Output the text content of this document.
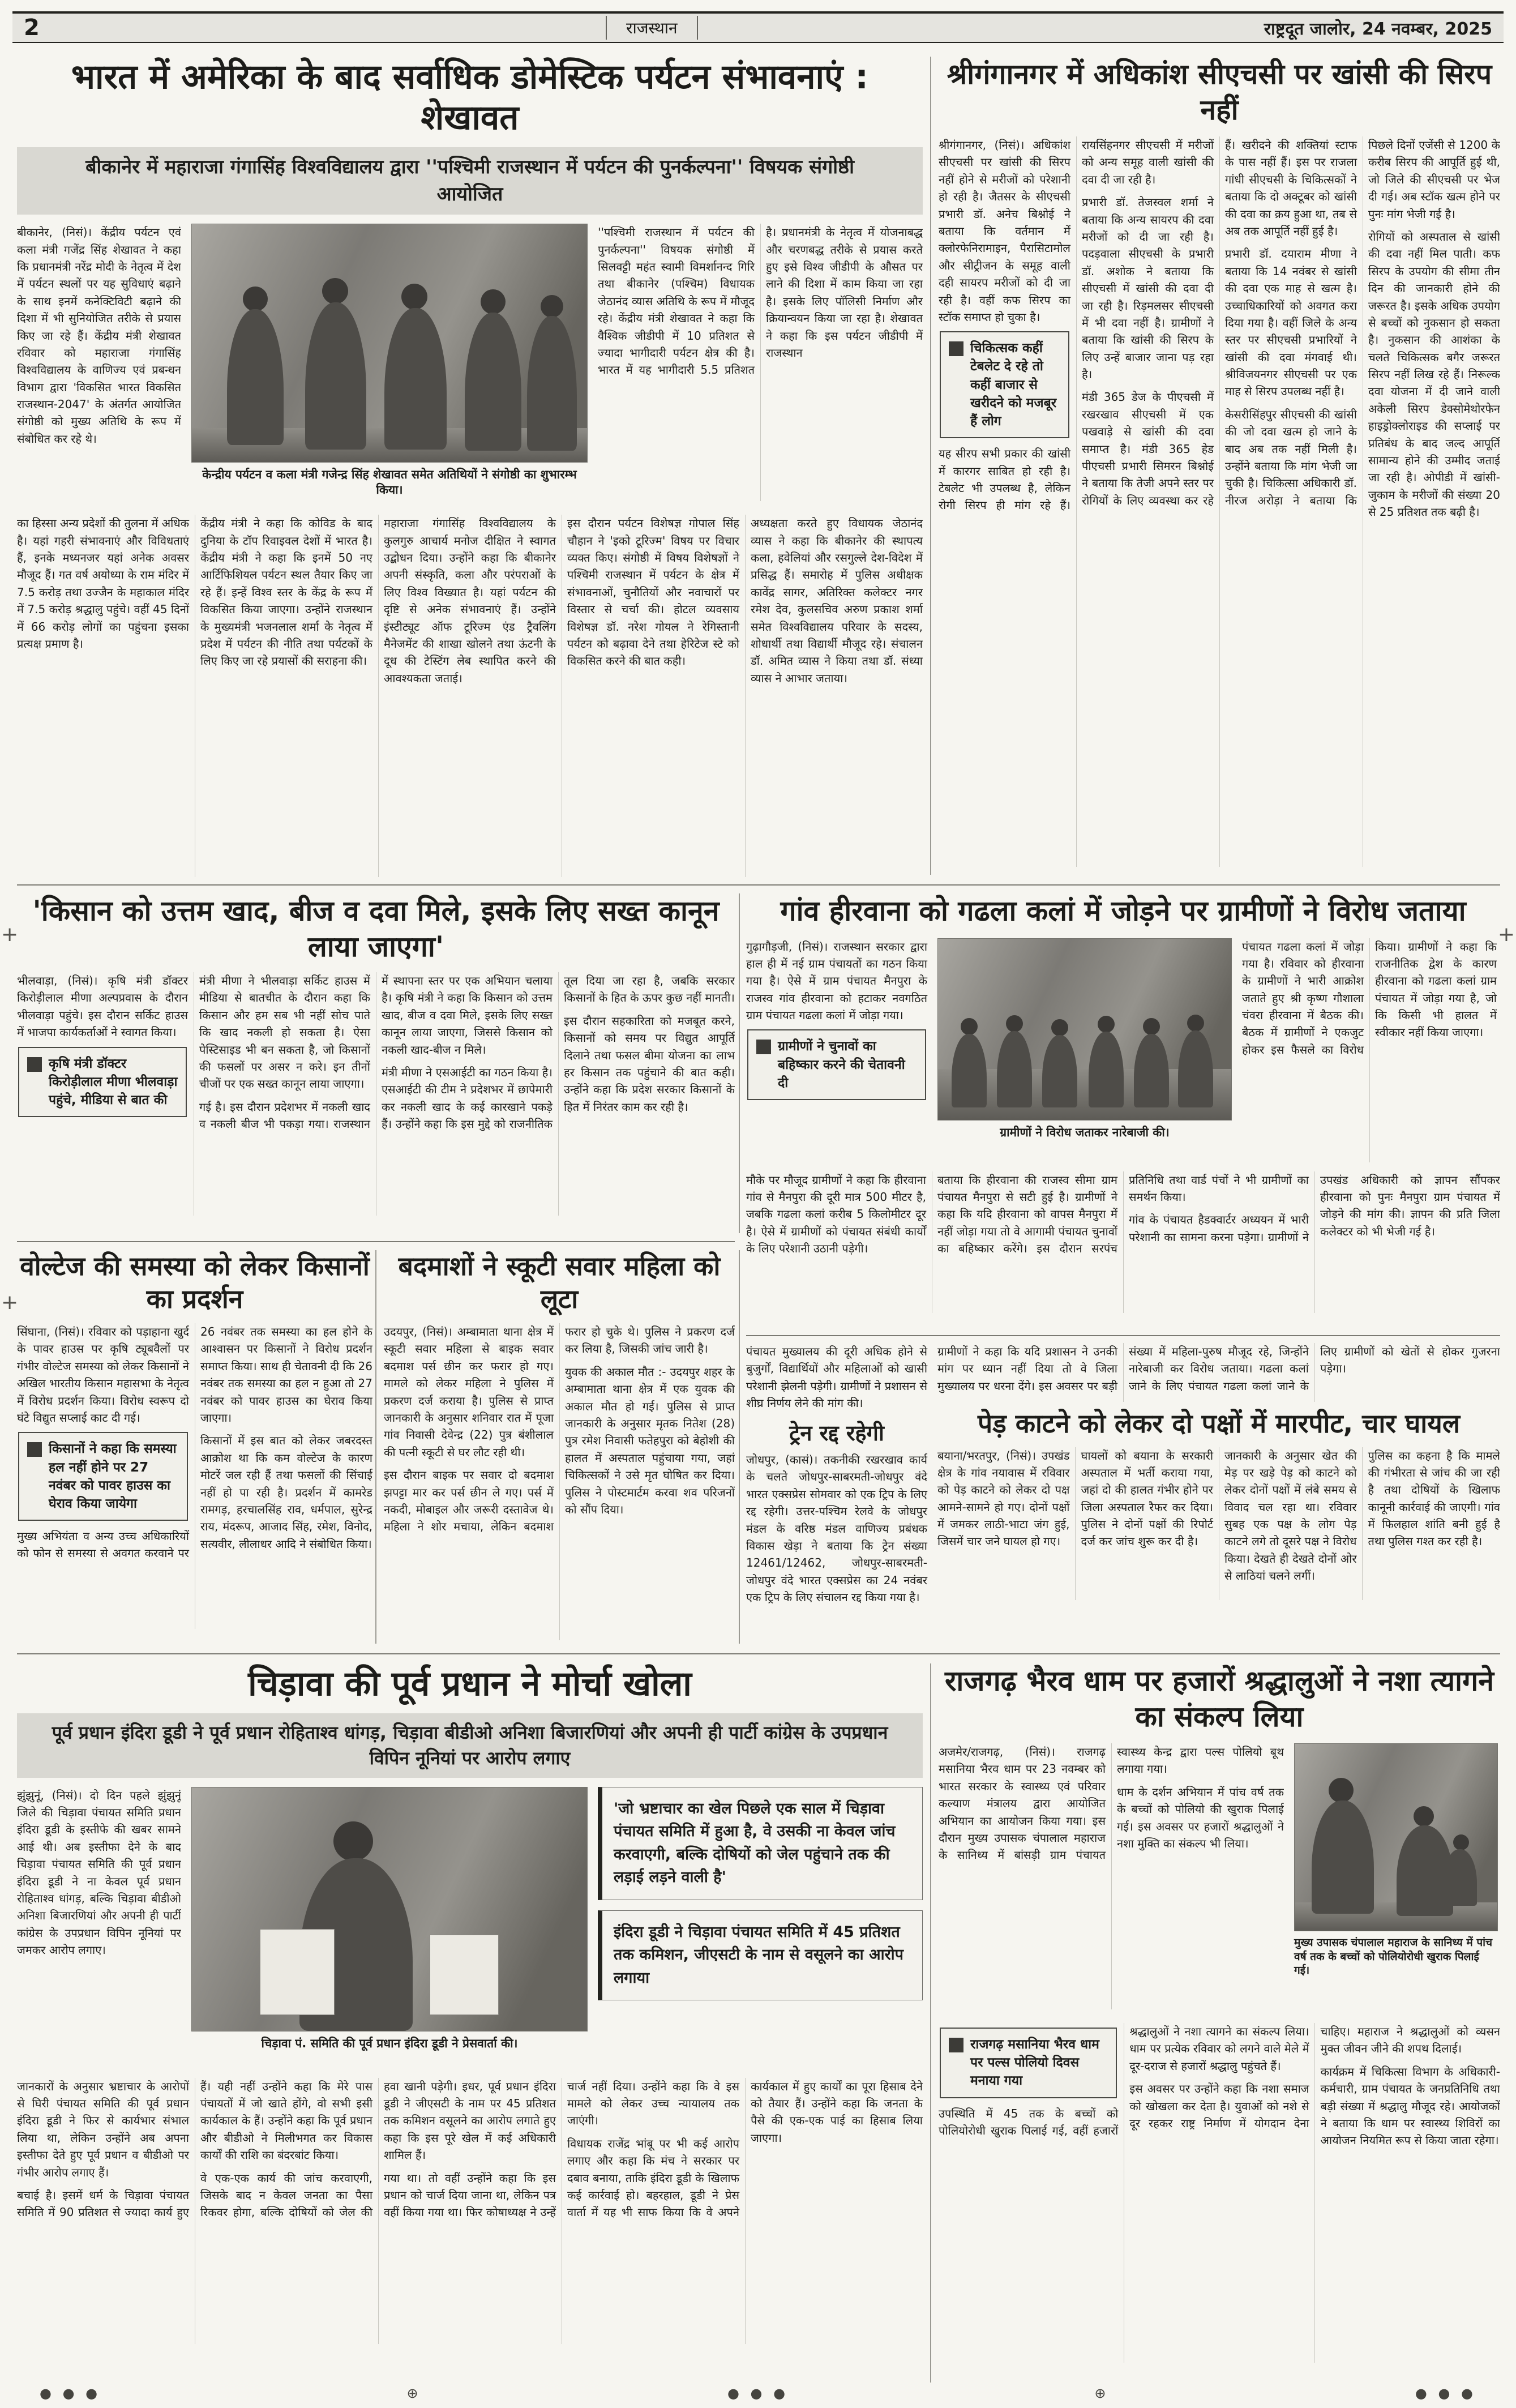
2	राजस्थान	राष्ट्रदूत जालोर, 24 नवम्बर, 2025
+
+
+
भारत में अमेरिका के बाद सर्वाधिक डोमेस्टिक पर्यटन संभावनाएं : शेखावत
बीकानेर में महाराजा गंगासिंह विश्वविद्यालय द्वारा ''पश्चिमी राजस्थान में पर्यटन की पुनर्कल्पना'' विषयक संगोष्ठी आयोजित

बीकानेर, (निसं)। केंद्रीय पर्यटन एवं कला मंत्री गजेंद्र सिंह शेखावत ने कहा कि प्रधानमंत्री नरेंद्र मोदी के नेतृत्व में देश में पर्यटन स्थलों पर यह सुविधाएं बढ़ाने के साथ इनमें कनेक्टिविटी बढ़ाने की दिशा में भी सुनियोजित तरीके से प्रयास किए जा रहे हैं। केंद्रीय मंत्री शेखावत रविवार को महाराजा गंगासिंह विश्वविद्यालय के वाणिज्य एवं प्रबन्धन विभाग द्वारा 'विकसित भारत विकसित राजस्थान-2047' के अंतर्गत आयोजित संगोष्ठी को मुख्य अतिथि के रूप में संबोधित कर रहे थे।

केन्द्रीय पर्यटन व कला मंत्री गजेन्द्र सिंह शेखावत समेत अतिथियों ने संगोष्ठी का शुभारम्भ किया।

''पश्चिमी राजस्थान में पर्यटन की पुनर्कल्पना'' विषयक संगोष्ठी में सिलवट्टी महंत स्वामी विमर्शानन्द गिरि तथा बीकानेर (पश्चिम) विधायक जेठानंद व्यास अतिथि के रूप में मौजूद रहे। केंद्रीय मंत्री शेखावत ने कहा कि वैश्विक जीडीपी में 10 प्रतिशत से ज्यादा भागीदारी पर्यटन क्षेत्र की है। भारत में यह भागीदारी 5.5 प्रतिशत है। प्रधानमंत्री के नेतृत्व में योजनाबद्ध और चरणबद्ध तरीके से प्रयास करते हुए इसे विश्व जीडीपी के औसत पर लाने की दिशा में काम किया जा रहा है। इसके लिए पॉलिसी निर्माण और क्रियान्वयन किया जा रहा है। शेखावत ने कहा कि इस पर्यटन जीडीपी में राजस्थान

का हिस्सा अन्य प्रदेशों की तुलना में अधिक है। यहां गहरी संभावनाएं और विविधताएं हैं, इनके मध्यनजर यहां अनेक अवसर मौजूद हैं। गत वर्ष अयोध्या के राम मंदिर में 7.5 करोड़ तथा उज्जैन के महाकाल मंदिर में 7.5 करोड़ श्रद्धालु पहुंचे। वहीं 45 दिनों में 66 करोड़ लोगों का पहुंचना इसका प्रत्यक्ष प्रमाण है।

केंद्रीय मंत्री ने कहा कि कोविड के बाद दुनिया के टॉप रिवाइवल देशों में भारत है। केंद्रीय मंत्री ने कहा कि इनमें 50 नए आर्टिफिशियल पर्यटन स्थल तैयार किए जा रहे हैं। इन्हें विश्व स्तर के केंद्र के रूप में विकसित किया जाएगा। उन्होंने राजस्थान के मुख्यमंत्री भजनलाल शर्मा के नेतृत्व में प्रदेश में पर्यटन की नीति तथा पर्यटकों के लिए किए जा रहे प्रयासों की सराहना की।

महाराजा गंगासिंह विश्वविद्यालय के कुलगुरु आचार्य मनोज दीक्षित ने स्वागत उद्बोधन दिया। उन्होंने कहा कि बीकानेर अपनी संस्कृति, कला और परंपराओं के लिए विश्व विख्यात है। यहां पर्यटन की दृष्टि से अनेक संभावनाएं हैं। उन्होंने इंस्टीट्यूट ऑफ टूरिज्म एंड ट्रैवलिंग मैनेजमेंट की शाखा खोलने तथा ऊंटनी के दूध की टेस्टिंग लेब स्थापित करने की आवश्यकता जताई।

इस दौरान पर्यटन विशेषज्ञ गोपाल सिंह चौहान ने 'इको टूरिज्म' विषय पर विचार व्यक्त किए। संगोष्ठी में विषय विशेषज्ञों ने पश्चिमी राजस्थान में पर्यटन के क्षेत्र में संभावनाओं, चुनौतियों और नवाचारों पर विस्तार से चर्चा की। होटल व्यवसाय विशेषज्ञ डॉ. नरेश गोयल ने रेगिस्तानी पर्यटन को बढ़ावा देने तथा हेरिटेज स्टे को विकसित करने की बात कही।

अध्यक्षता करते हुए विधायक जेठानंद व्यास ने कहा कि बीकानेर की स्थापत्य कला, हवेलियां और रसगुल्ले देश-विदेश में प्रसिद्ध हैं। समारोह में पुलिस अधीक्षक कावेंद्र सागर, अतिरिक्त कलेक्टर नगर रमेश देव, कुलसचिव अरुण प्रकाश शर्मा समेत विश्वविद्यालय परिवार के सदस्य, शोधार्थी तथा विद्यार्थी मौजूद रहे। संचालन डॉ. अमित व्यास ने किया तथा डॉ. संध्या व्यास ने आभार जताया।

श्रीगंगानगर में अधिकांश सीएचसी पर खांसी की सिरप नहीं

श्रीगंगानगर, (निसं)। अधिकांश सीएचसी पर खांसी की सिरप नहीं होने से मरीजों को परेशानी हो रही है। जैतसर के सीएचसी प्रभारी डॉ. अनेच बिश्नोई ने बताया कि वर्तमान में क्लोरफेनिरामाइन, पैरासिटामोल और सीट्रीजन के समूह वाली दही सायरप मरीजों को दी जा रही है। वहीं कफ सिरप का स्टॉक समाप्त हो चुका है।

चिकित्सक कहीं टेबलेट दे रहे तो कहीं बाजार से खरीदने को मजबूर हैं लोग

यह सीरप सभी प्रकार की खांसी में कारगर साबित हो रही है। टेबलेट भी उपलब्ध है, लेकिन रोगी सिरप ही मांग रहे हैं। रायसिंहनगर सीएचसी में मरीजों को अन्य समूह वाली खांसी की दवा दी जा रही है।

प्रभारी डॉ. तेजस्वल शर्मा ने बताया कि अन्य सायरप की दवा मरीजों को दी जा रही है। पदड़वाला सीएचसी के प्रभारी डॉ. अशोक ने बताया कि सीएचसी में खांसी की दवा दी जा रही है। रिड़मलसर सीएचसी में भी दवा नहीं है। ग्रामीणों ने बताया कि खांसी की सिरप के लिए उन्हें बाजार जाना पड़ रहा है।

मंडी 365 डेज के पीएचसी में रखरखाव सीएचसी में एक पखवाड़े से खांसी की दवा समाप्त है। मंडी 365 हेड पीएचसी प्रभारी सिमरन बिश्नोई ने बताया कि तेजी अपने स्तर पर रोगियों के लिए व्यवस्था कर रहे हैं। खरीदने की शक्तियां स्टाफ के पास नहीं हैं। इस पर राजला गांधी सीएचसी के चिकित्सकों ने बताया कि दो अक्टूबर को खांसी की दवा का क्रय हुआ था, तब से अब तक आपूर्ति नहीं हुई है।

प्रभारी डॉ. दयाराम मीणा ने बताया कि 14 नवंबर से खांसी की दवा एक माह से खत्म है। उच्चाधिकारियों को अवगत करा दिया गया है। वहीं जिले के अन्य स्तर पर सीएचसी प्रभारियों ने खांसी की दवा मंगवाई थी। श्रीविजयनगर सीएचसी पर एक माह से सिरप उपलब्ध नहीं है।

केसरीसिंहपुर सीएचसी की खांसी की जो दवा खत्म हो जाने के बाद अब तक नहीं मिली है। उन्होंने बताया कि मांग भेजी जा चुकी है। चिकित्सा अधिकारी डॉ. नीरज अरोड़ा ने बताया कि पिछले दिनों एजेंसी से 1200 के करीब सिरप की आपूर्ति हुई थी, जो जिले की सीएचसी पर भेज दी गई। अब स्टॉक खत्म होने पर पुनः मांग भेजी गई है।

रोगियों को अस्पताल से खांसी की दवा नहीं मिल पाती। कफ सिरप के उपयोग की सीमा तीन दिन की जानकारी होने की जरूरत है। इसके अधिक उपयोग से बच्चों को नुकसान हो सकता है। नुकसान की आशंका के चलते चिकित्सक बगैर जरूरत सिरप नहीं लिख रहे हैं। निरूल्क दवा योजना में दी जाने वाली अकेली सिरप डेक्सोमेथोरफेन हाइड्रोक्लोराइड की सप्लाई पर प्रतिबंध के बाद जल्द आपूर्ति सामान्य होने की उम्मीद जताई जा रही है। ओपीडी में खांसी-जुकाम के मरीजों की संख्या 20 से 25 प्रतिशत तक बढ़ी है।

'किसान को उत्तम खाद, बीज व दवा मिले, इसके लिए सख्त कानून लाया जाएगा'

भीलवाड़ा, (निसं)। कृषि मंत्री डॉक्टर किरोड़ीलाल मीणा अल्पप्रवास के दौरान भीलवाड़ा पहुंचे। इस दौरान सर्किट हाउस में भाजपा कार्यकर्ताओं ने स्वागत किया।

कृषि मंत्री डॉक्टर किरोड़ीलाल मीणा भीलवाड़ा पहुंचे, मीडिया से बात की

मंत्री मीणा ने भीलवाड़ा सर्किट हाउस में मीडिया से बातचीत के दौरान कहा कि किसान और हम सब भी नहीं सोच पाते कि खाद नकली हो सकता है। ऐसा पेस्टिसाइड भी बन सकता है, जो किसानों की फसलों पर असर न करे। इन तीनों चीजों पर एक सख्त कानून लाया जाएगा।

गई है। इस दौरान प्रदेशभर में नकली खाद व नकली बीज भी पकड़ा गया। राजस्थान में स्थापना स्तर पर एक अभियान चलाया है। कृषि मंत्री ने कहा कि किसान को उत्तम खाद, बीज व दवा मिले, इसके लिए सख्त कानून लाया जाएगा, जिससे किसान को नकली खाद-बीज न मिले।

मंत्री मीणा ने एसआईटी का गठन किया है। एसआईटी की टीम ने प्रदेशभर में छापेमारी कर नकली खाद के कई कारखाने पकड़े हैं। उन्होंने कहा कि इस मुद्दे को राजनीतिक तूल दिया जा रहा है, जबकि सरकार किसानों के हित के ऊपर कुछ नहीं मानती।

इस दौरान सहकारिता को मजबूत करने, किसानों को समय पर विद्युत आपूर्ति दिलाने तथा फसल बीमा योजना का लाभ हर किसान तक पहुंचाने की बात कही। उन्होंने कहा कि प्रदेश सरकार किसानों के हित में निरंतर काम कर रही है।

गांव हीरवाना को गढला कलां में जोड़ने पर ग्रामीणों ने विरोध जताया

गुढ़ागौड़जी, (निसं)। राजस्थान सरकार द्वारा हाल ही में नई ग्राम पंचायतों का गठन किया गया है। ऐसे में ग्राम पंचायत मैनपुरा के राजस्व गांव हीरवाना को हटाकर नवगठित ग्राम पंचायत गढला कलां में जोड़ा गया।

ग्रामीणों ने चुनावों का बहिष्कार करने की चेतावनी दी
ग्रामीणों ने विरोध जताकर नारेबाजी की।

पंचायत गढला कलां में जोड़ा गया है। रविवार को हीरवाना के ग्रामीणों ने भारी आक्रोश जताते हुए श्री कृष्ण गौशाला चंवरा हीरवाना में बैठक की। बैठक में ग्रामीणों ने एकजुट होकर इस फैसले का विरोध किया। ग्रामीणों ने कहा कि राजनीतिक द्वेश के कारण हीरवाना को गढला कलां ग्राम पंचायत में जोड़ा गया है, जो कि किसी भी हालत में स्वीकार नहीं किया जाएगा।

मौके पर मौजूद ग्रामीणों ने कहा कि हीरवाना गांव से मैनपुरा की दूरी मात्र 500 मीटर है, जबकि गढला कलां करीब 5 किलोमीटर दूर है। ऐसे में ग्रामीणों को पंचायत संबंधी कार्यों के लिए परेशानी उठानी पड़ेगी।

बताया कि हीरवाना की राजस्व सीमा ग्राम पंचायत मैनपुरा से सटी हुई है। ग्रामीणों ने कहा कि यदि हीरवाना को वापस मैनपुरा में नहीं जोड़ा गया तो वे आगामी पंचायत चुनावों का बहिष्कार करेंगे। इस दौरान सरपंच प्रतिनिधि तथा वार्ड पंचों ने भी ग्रामीणों का समर्थन किया।

गांव के पंचायत हैडक्वार्टर अध्ययन में भारी परेशानी का सामना करना पड़ेगा। ग्रामीणों ने उपखंड अधिकारी को ज्ञापन सौंपकर हीरवाना को पुनः मैनपुरा ग्राम पंचायत में जोड़ने की मांग की। ज्ञापन की प्रति जिला कलेक्टर को भी भेजी गई है।

वोल्टेज की समस्या को लेकर किसानों का प्रदर्शन

सिंघाना, (निसं)। रविवार को पड़ाहाना खुर्द के पावर हाउस पर कृषि ट्यूबवैलों पर गंभीर वोल्टेज समस्या को लेकर किसानों ने अखिल भारतीय किसान महासभा के नेतृत्व में विरोध प्रदर्शन किया। विरोध स्वरूप दो घंटे विद्युत सप्लाई काट दी गई।

किसानों ने कहा कि समस्या हल नहीं होने पर 27 नवंबर को पावर हाउस का घेराव किया जायेगा

मुख्य अभियंता व अन्य उच्च अधिकारियों को फोन से समस्या से अवगत करवाने पर 26 नवंबर तक समस्या का हल होने के आश्वासन पर किसानों ने विरोध प्रदर्शन समाप्त किया। साथ ही चेतावनी दी कि 26 नवंबर तक समस्या का हल न हुआ तो 27 नवंबर को पावर हाउस का घेराव किया जाएगा।

किसानों में इस बात को लेकर जबरदस्त आक्रोश था कि कम वोल्टेज के कारण मोटरें जल रही हैं तथा फसलों की सिंचाई नहीं हो पा रही है। प्रदर्शन में कामरेड रामगड़, हरचालसिंह राव, धर्मपाल, सुरेन्द्र राय, मंदरूप, आजाद सिंह, रमेश, विनोद, सत्यवीर, लीलाधर आदि ने संबोधित किया।

बदमाशों ने स्कूटी सवार महिला को लूटा

उदयपुर, (निसं)। अम्बामाता थाना क्षेत्र में स्कूटी सवार महिला से बाइक सवार बदमाश पर्स छीन कर फरार हो गए। मामले को लेकर महिला ने पुलिस में प्रकरण दर्ज कराया है। पुलिस से प्राप्त जानकारी के अनुसार शनिवार रात में पूजा गांव निवासी देवेन्द्र (22) पुत्र बंशीलाल की पत्नी स्कूटी से घर लौट रही थी।

इस दौरान बाइक पर सवार दो बदमाश झपट्टा मार कर पर्स छीन ले गए। पर्स में नकदी, मोबाइल और जरूरी दस्तावेज थे। महिला ने शोर मचाया, लेकिन बदमाश फरार हो चुके थे। पुलिस ने प्रकरण दर्ज कर लिया है, जिसकी जांच जारी है।

युवक की अकाल मौत :- उदयपुर शहर के अम्बामाता थाना क्षेत्र में एक युवक की अकाल मौत हो गई। पुलिस से प्राप्त जानकारी के अनुसार मृतक नितेश (28) पुत्र रमेश निवासी फतेहपुरा को बेहोशी की हालत में अस्पताल पहुंचाया गया, जहां चिकित्सकों ने उसे मृत घोषित कर दिया। पुलिस ने पोस्टमार्टम करवा शव परिजनों को सौंप दिया।

पंचायत मुख्यालय की दूरी अधिक होने से बुजुर्गों, विद्यार्थियों और महिलाओं को खासी परेशानी झेलनी पड़ेगी। ग्रामीणों ने प्रशासन से शीघ्र निर्णय लेने की मांग की।

ट्रेन रद्द रहेगी

जोधपुर, (कासं)। तकनीकी रखरखाव कार्य के चलते जोधपुर-साबरमती-जोधपुर वंदे भारत एक्सप्रेस सोमवार को एक ट्रिप के लिए रद्द रहेगी। उत्तर-पश्चिम रेलवे के जोधपुर मंडल के वरिष्ठ मंडल वाणिज्य प्रबंधक विकास खेड़ा ने बताया कि ट्रेन संख्या 12461/12462, जोधपुर-साबरमती-जोधपुर वंदे भारत एक्सप्रेस का 24 नवंबर एक ट्रिप के लिए संचालन रद्द किया गया है।

ग्रामीणों ने कहा कि यदि प्रशासन ने उनकी मांग पर ध्यान नहीं दिया तो वे जिला मुख्यालय पर धरना देंगे। इस अवसर पर बड़ी संख्या में महिला-पुरुष मौजूद रहे, जिन्होंने नारेबाजी कर विरोध जताया। गढला कलां जाने के लिए पंचायत गढला कलां जाने के लिए ग्रामीणों को खेतों से होकर गुजरना पड़ेगा।

पेड़ काटने को लेकर दो पक्षों में मारपीट, चार घायल

बयाना/भरतपुर, (निसं)। उपखंड क्षेत्र के गांव नयावास में रविवार को पेड़ काटने को लेकर दो पक्ष आमने-सामने हो गए। दोनों पक्षों में जमकर लाठी-भाटा जंग हुई, जिसमें चार जने घायल हो गए।

घायलों को बयाना के सरकारी अस्पताल में भर्ती कराया गया, जहां दो की हालत गंभीर होने पर जिला अस्पताल रैफर कर दिया। पुलिस ने दोनों पक्षों की रिपोर्ट दर्ज कर जांच शुरू कर दी है।

जानकारी के अनुसार खेत की मेड़ पर खड़े पेड़ को काटने को लेकर दोनों पक्षों में लंबे समय से विवाद चल रहा था। रविवार सुबह एक पक्ष के लोग पेड़ काटने लगे तो दूसरे पक्ष ने विरोध किया। देखते ही देखते दोनों ओर से लाठियां चलने लगीं।

पुलिस का कहना है कि मामले की गंभीरता से जांच की जा रही है तथा दोषियों के खिलाफ कानूनी कार्रवाई की जाएगी। गांव में फिलहाल शांति बनी हुई है तथा पुलिस गश्त कर रही है।

चिड़ावा की पूर्व प्रधान ने मोर्चा खोला
पूर्व प्रधान इंदिरा डूडी ने पूर्व प्रधान रोहिताश्व धांगड़, चिड़ावा बीडीओ अनिशा बिजारणियां और अपनी ही पार्टी कांग्रेस के उपप्रधान विपिन नूनियां पर आरोप लगाए

झुंझुनूं, (निसं)। दो दिन पहले झुंझुनूं जिले की चिड़ावा पंचायत समिति प्रधान इंदिरा डूडी के इस्तीफे की खबर सामने आई थी। अब इस्तीफा देने के बाद चिड़ावा पंचायत समिति की पूर्व प्रधान इंदिरा डूडी ने ना केवल पूर्व प्रधान रोहिताश्व धांगड़, बल्कि चिड़ावा बीडीओ अनिशा बिजारणियां और अपनी ही पार्टी कांग्रेस के उपप्रधान विपिन नूनियां पर जमकर आरोप लगाए।

चिड़ावा पं. समिति की पूर्व प्रधान इंदिरा डूडी ने प्रेसवार्ता की।
'जो भ्रष्टाचार का खेल पिछले एक साल में चिड़ावा पंचायत समिति में हुआ है, वे उसकी ना केवल जांच करवाएगी, बल्कि दोषियों को जेल पहुंचाने तक की लड़ाई लड़ने वाली है'
इंदिरा डूडी ने चिड़ावा पंचायत समिति में 45 प्रतिशत तक कमिशन, जीएसटी के नाम से वसूलने का आरोप लगाया

जानकारों के अनुसार भ्रष्टाचार के आरोपों से घिरी पंचायत समिति की पूर्व प्रधान इंदिरा डूडी ने फिर से कार्यभार संभाल लिया था, लेकिन उन्होंने अब अपना इस्तीफा देते हुए पूर्व प्रधान व बीडीओ पर गंभीर आरोप लगाए हैं।

बचाई है। इसमें धर्म के चिड़ावा पंचायत समिति में 90 प्रतिशत से ज्यादा कार्य हुए हैं। यही नहीं उन्होंने कहा कि मेरे पास पंचायतों में जो खाते होंगे, वो सभी इसी कार्यकाल के हैं। उन्होंने कहा कि पूर्व प्रधान और बीडीओ ने मिलीभगत कर विकास कार्यों की राशि का बंदरबांट किया।

वे एक-एक कार्य की जांच करवाएगी, जिसके बाद न केवल जनता का पैसा रिकवर होगा, बल्कि दोषियों को जेल की हवा खानी पड़ेगी। इधर, पूर्व प्रधान इंदिरा डूडी ने जीएसटी के नाम पर 45 प्रतिशत तक कमिशन वसूलने का आरोप लगाते हुए कहा कि इस पूरे खेल में कई अधिकारी शामिल हैं।

गया था। तो वहीं उन्होंने कहा कि इस प्रधान को चार्ज दिया जाना था, लेकिन पत्र वहीं किया गया था। फिर कोषाध्यक्ष ने उन्हें चार्ज नहीं दिया। उन्होंने कहा कि वे इस मामले को लेकर उच्च न्यायालय तक जाएंगी।

विधायक राजेंद्र भांबू पर भी कई आरोप लगाए और कहा कि मंच ने सरकार पर दबाव बनाया, ताकि इंदिरा डूडी के खिलाफ कई कार्रवाई हो। बहरहाल, डूडी ने प्रेस वार्ता में यह भी साफ किया कि वे अपने कार्यकाल में हुए कार्यों का पूरा हिसाब देने को तैयार हैं। उन्होंने कहा कि जनता के पैसे की एक-एक पाई का हिसाब लिया जाएगा।

राजगढ़ भैरव धाम पर हजारों श्रद्धालुओं ने नशा त्यागने का संकल्प लिया

अजमेर/राजगढ़, (निसं)। राजगढ़ मसानिया भैरव धाम पर 23 नवम्बर को भारत सरकार के स्वास्थ्य एवं परिवार कल्याण मंत्रालय द्वारा आयोजित अभियान का आयोजन किया गया। इस दौरान मुख्य उपासक चंपालाल महाराज के सानिध्य में बांसड़ी ग्राम पंचायत स्वास्थ्य केन्द्र द्वारा पल्स पोलियो बूथ लगाया गया।

धाम के दर्शन अभियान में पांच वर्ष तक के बच्चों को पोलियो की खुराक पिलाई गई। इस अवसर पर हजारों श्रद्धालुओं ने नशा मुक्ति का संकल्प भी लिया।

मुख्य उपासक चंपालाल महाराज के सानिध्य में पांच वर्ष तक के बच्चों को पोलियोरोधी खुराक पिलाई गई।
राजगढ़ मसानिया भैरव धाम पर पल्स पोलियो दिवस मनाया गया

उपस्थिति में 45 तक के बच्चों को पोलियोरोधी खुराक पिलाई गई, वहीं हजारों श्रद्धालुओं ने नशा त्यागने का संकल्प लिया। धाम पर प्रत्येक रविवार को लगने वाले मेले में दूर-दराज से हजारों श्रद्धालु पहुंचते हैं।

इस अवसर पर उन्होंने कहा कि नशा समाज को खोखला कर देता है। युवाओं को नशे से दूर रहकर राष्ट्र निर्माण में योगदान देना चाहिए। महाराज ने श्रद्धालुओं को व्यसन मुक्त जीवन जीने की शपथ दिलाई।

कार्यक्रम में चिकित्सा विभाग के अधिकारी-कर्मचारी, ग्राम पंचायत के जनप्रतिनिधि तथा बड़ी संख्या में श्रद्धालु मौजूद रहे। आयोजकों ने बताया कि धाम पर स्वास्थ्य शिविरों का आयोजन नियमित रूप से किया जाता रहेगा।

● ● ●	⊕	● ● ●	⊕	● ● ●
